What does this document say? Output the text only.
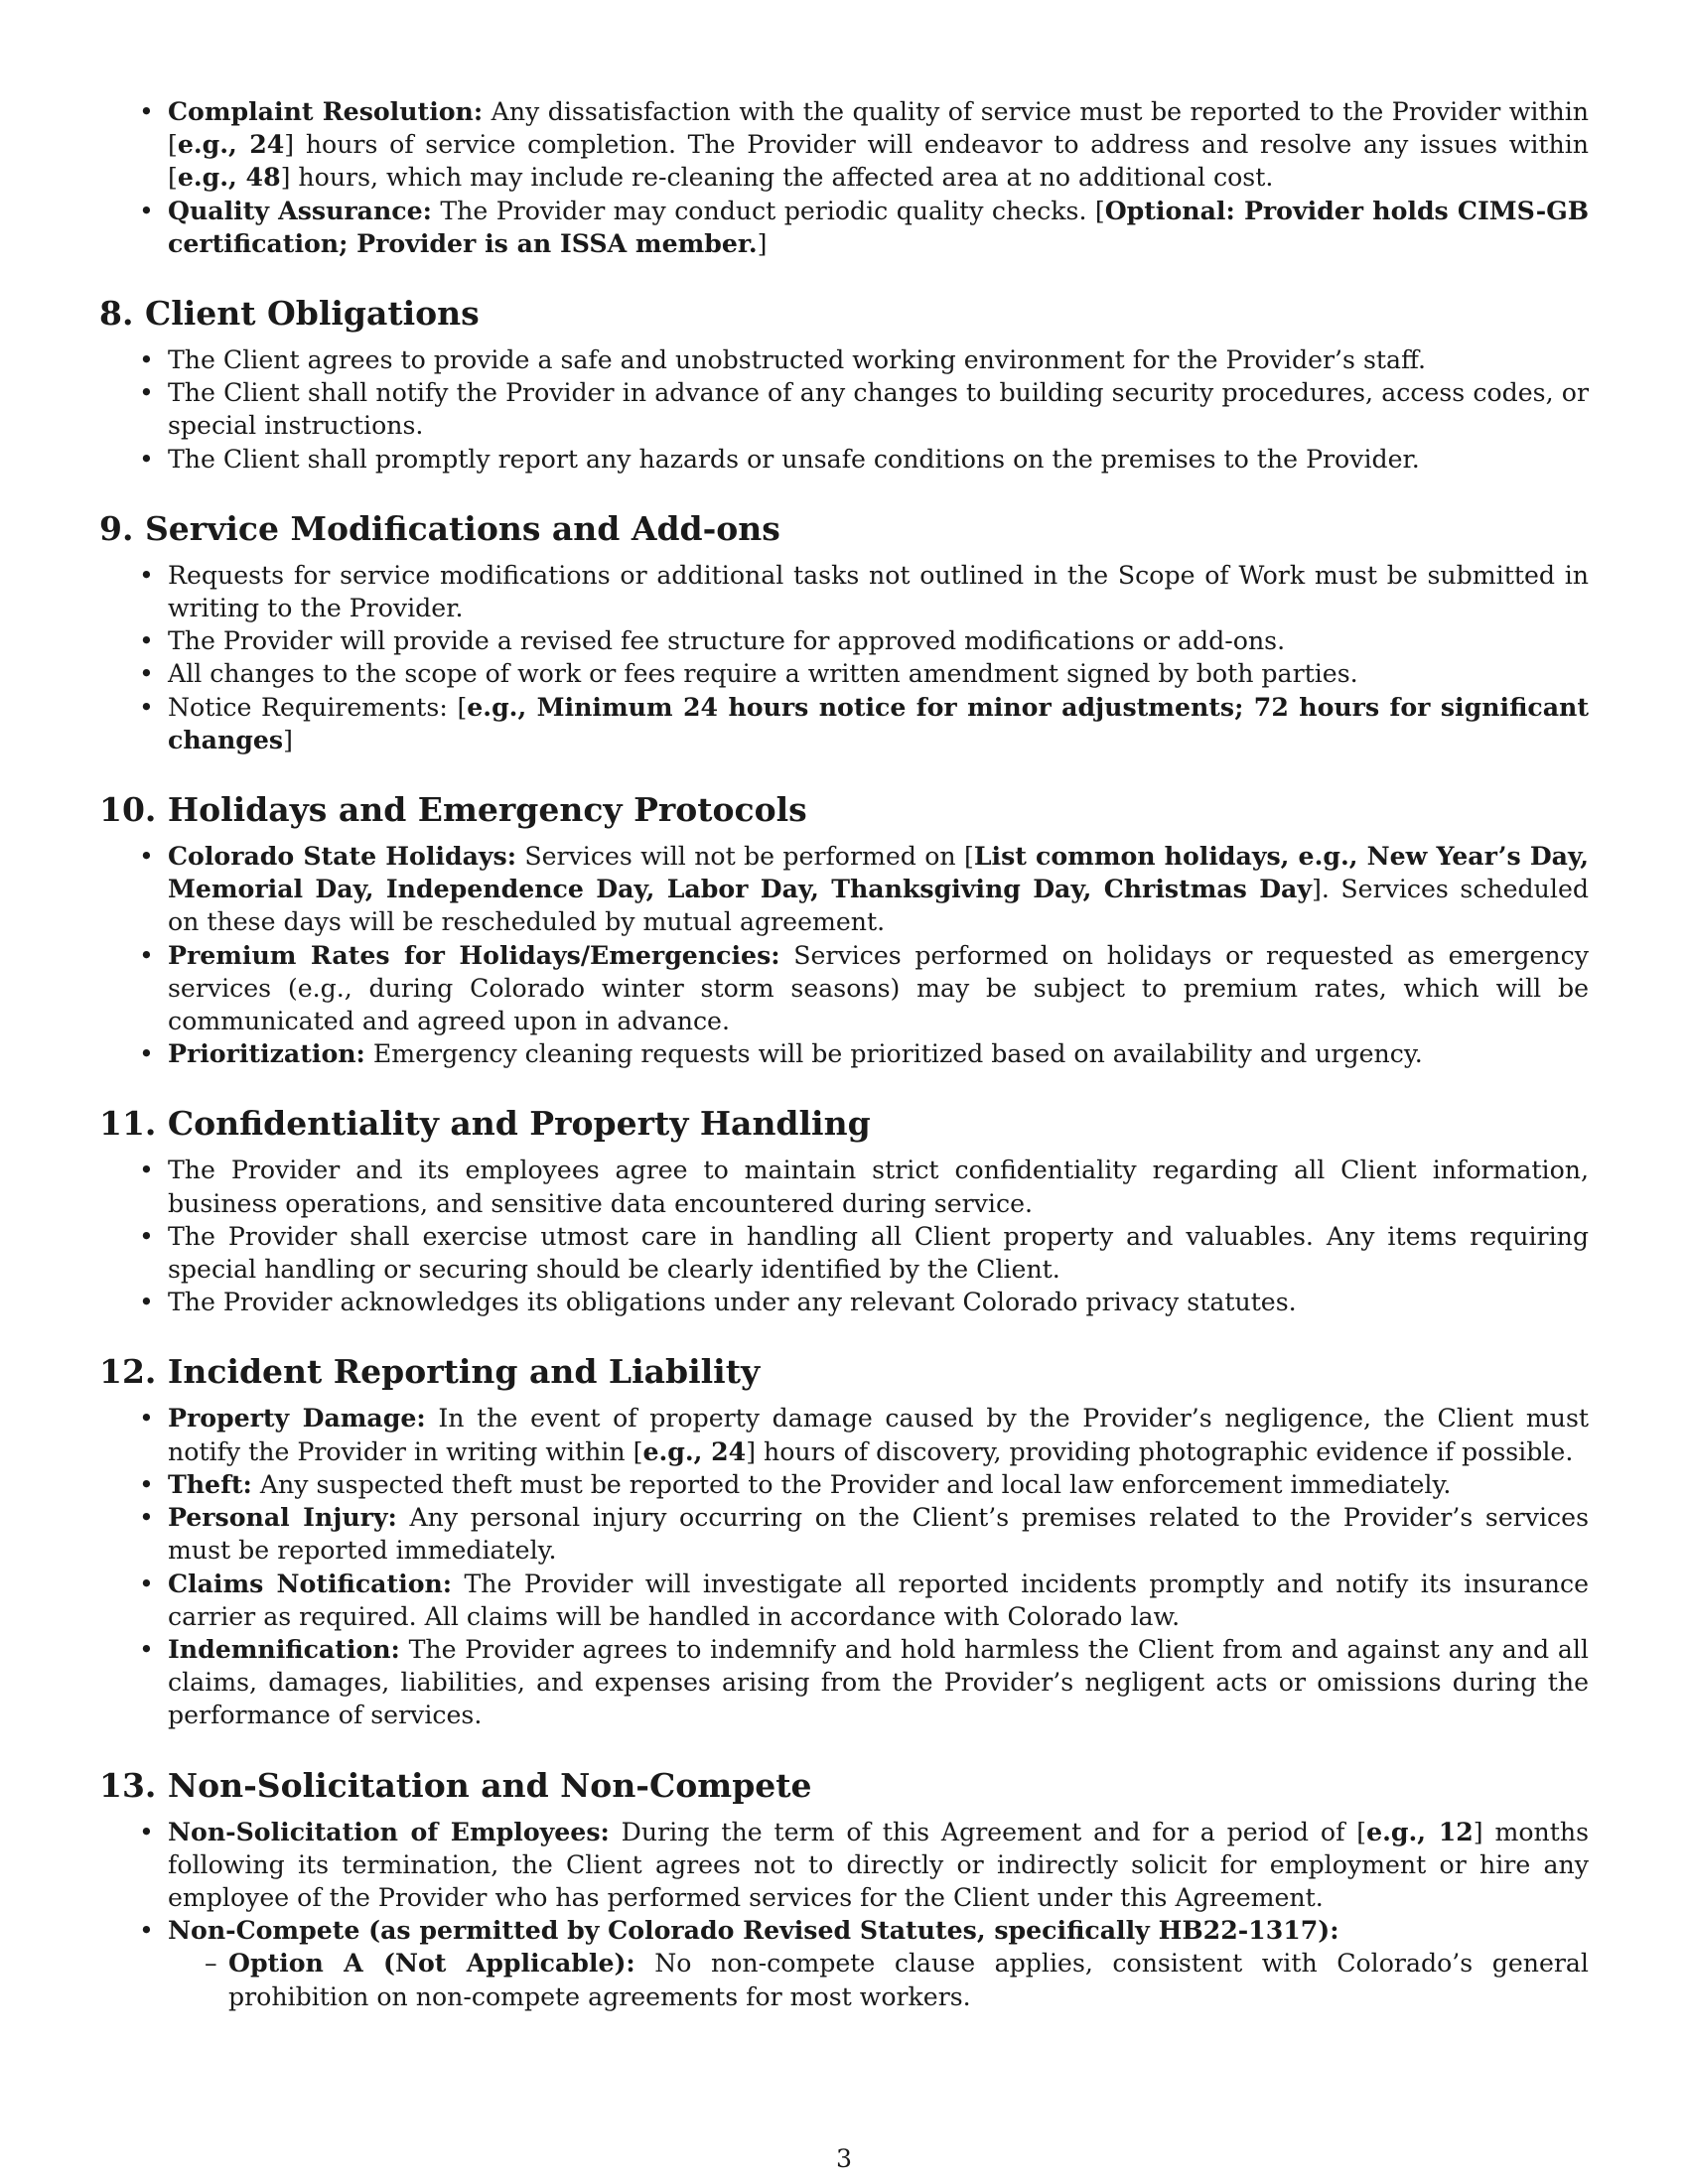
• Complaint Resolution: Any dissatisfaction with the quality of service must be reported to the Provider within [e.g., 24] hours of service completion. The Provider will endeavor to address and resolve any issues within [e.g., 48] hours, which may include re-cleaning the affected area at no additional cost.
• Quality Assurance: The Provider may conduct periodic quality checks. [Optional: Provider holds CIMS-GB certification; Provider is an ISSA member.]
8. Client Obligations
• The Client agrees to provide a safe and unobstructed working environment for the Provider’s staff.
• The Client shall notify the Provider in advance of any changes to building security procedures, access codes, or special instructions.
• The Client shall promptly report any hazards or unsafe conditions on the premises to the Provider.
9. Service Modifications and Add-ons
• Requests for service modifications or additional tasks not outlined in the Scope of Work must be submitted in writing to the Provider.
• The Provider will provide a revised fee structure for approved modifications or add-ons.
• All changes to the scope of work or fees require a written amendment signed by both parties.
• Notice Requirements: [e.g., Minimum 24 hours notice for minor adjustments; 72 hours for significant changes]
10. Holidays and Emergency Protocols
• Colorado State Holidays: Services will not be performed on [List common holidays, e.g., New Year’s Day, Memorial Day, Independence Day, Labor Day, Thanksgiving Day, Christmas Day]. Services scheduled on these days will be rescheduled by mutual agreement.
• Premium Rates for Holidays/Emergencies: Services performed on holidays or requested as emergency services (e.g., during Colorado winter storm seasons) may be subject to premium rates, which will be communicated and agreed upon in advance.
• Prioritization: Emergency cleaning requests will be prioritized based on availability and urgency.
11. Confidentiality and Property Handling
• The Provider and its employees agree to maintain strict confidentiality regarding all Client information, business operations, and sensitive data encountered during service.
• The Provider shall exercise utmost care in handling all Client property and valuables. Any items requiring special handling or securing should be clearly identified by the Client.
• The Provider acknowledges its obligations under any relevant Colorado privacy statutes.
12. Incident Reporting and Liability
• Property Damage: In the event of property damage caused by the Provider’s negligence, the Client must notify the Provider in writing within [e.g., 24] hours of discovery, providing photographic evidence if possible.
• Theft: Any suspected theft must be reported to the Provider and local law enforcement immediately.
• Personal Injury: Any personal injury occurring on the Client’s premises related to the Provider’s services must be reported immediately.
• Claims Notification: The Provider will investigate all reported incidents promptly and notify its insurance carrier as required. All claims will be handled in accordance with Colorado law.
• Indemnification: The Provider agrees to indemnify and hold harmless the Client from and against any and all claims, damages, liabilities, and expenses arising from the Provider’s negligent acts or omissions during the performance of services.
13. Non-Solicitation and Non-Compete
• Non-Solicitation of Employees: During the term of this Agreement and for a period of [e.g., 12] months following its termination, the Client agrees not to directly or indirectly solicit for employment or hire any employee of the Provider who has performed services for the Client under this Agreement.
• Non-Compete (as permitted by Colorado Revised Statutes, specifically HB22-1317):
– Option A (Not Applicable): No non-compete clause applies, consistent with Colorado’s general prohibition on non-compete agreements for most workers.
3
